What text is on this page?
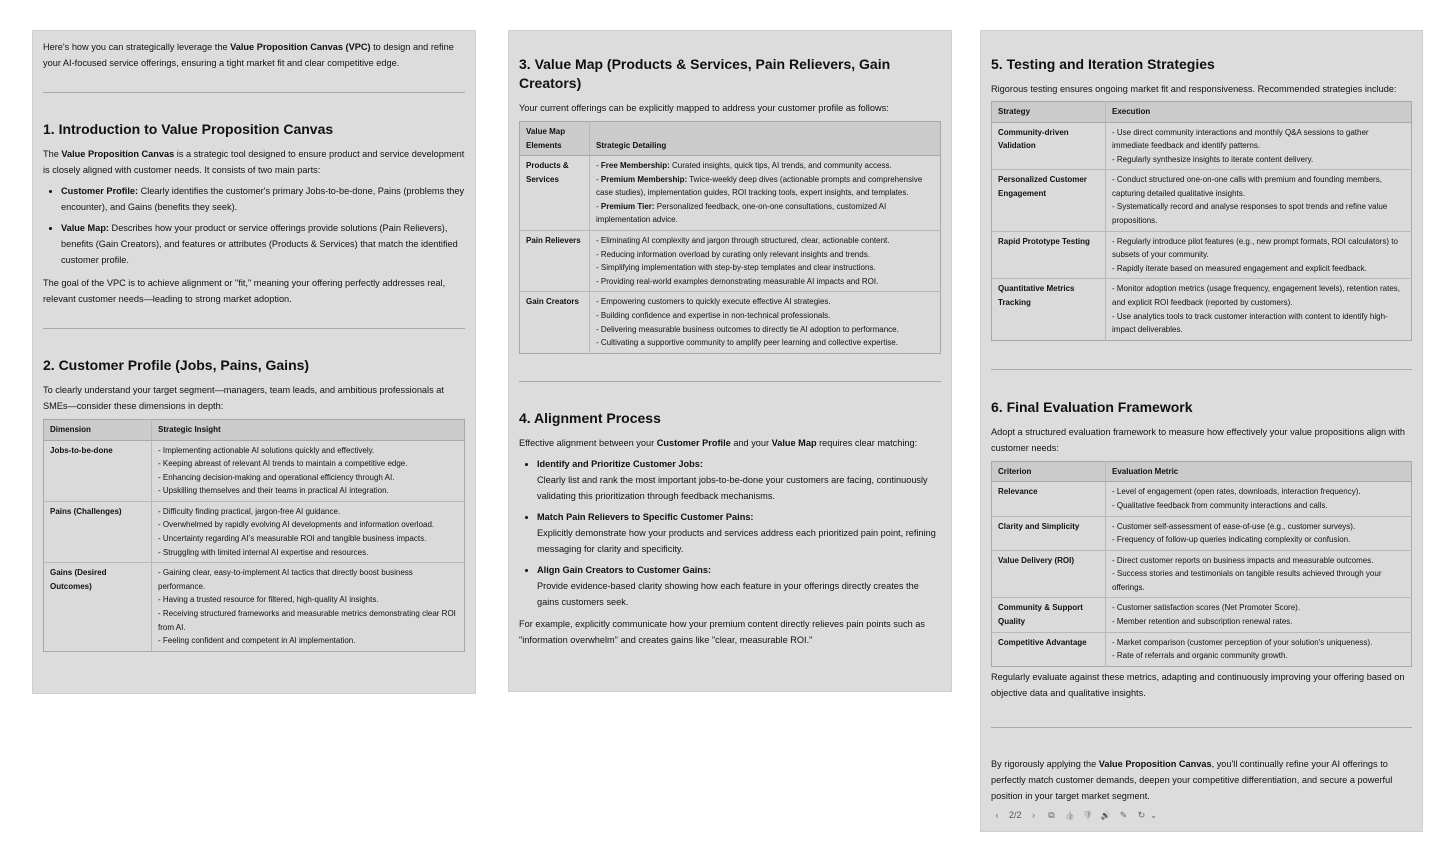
Here's how you can strategically leverage the Value Proposition Canvas (VPC) to design and refine your AI-focused service offerings, ensuring a tight market fit and clear competitive edge.

1. Introduction to Value Proposition Canvas

The Value Proposition Canvas is a strategic tool designed to ensure product and service development is closely aligned with customer needs. It consists of two main parts:

• Customer Profile: Clearly identifies the customer's primary Jobs-to-be-done, Pains (problems they encounter), and Gains (benefits they seek).
• Value Map: Describes how your product or service offerings provide solutions (Pain Relievers), benefits (Gain Creators), and features or attributes (Products & Services) that match the identified customer profile.

The goal of the VPC is to achieve alignment or "fit," meaning your offering perfectly addresses real, relevant customer needs—leading to strong market adoption.

2. Customer Profile (Jobs, Pains, Gains)

To clearly understand your target segment—managers, team leads, and ambitious professionals at SMEs—consider these dimensions in depth:

Dimension	Strategic Insight
Jobs-to-be-done	- Implementing actionable AI solutions quickly and effectively.
- Keeping abreast of relevant AI trends to maintain a competitive edge.
- Enhancing decision-making and operational efficiency through AI.
- Upskilling themselves and their teams in practical AI integration.

Pains (Challenges)	- Difficulty finding practical, jargon-free AI guidance.
- Overwhelmed by rapidly evolving AI developments and information overload.
- Uncertainty regarding AI's measurable ROI and tangible business impacts.
- Struggling with limited internal AI expertise and resources.

Gains (Desired Outcomes)	- Gaining clear, easy-to-implement AI tactics that directly boost business performance.
- Having a trusted resource for filtered, high-quality AI insights.
- Receiving structured frameworks and measurable metrics demonstrating clear ROI from AI.
- Feeling confident and competent in AI implementation.
3. Value Map (Products & Services, Pain Relievers, Gain Creators)

Your current offerings can be explicitly mapped to address your customer profile as follows:

Value Map Elements	Strategic Detailing
Products & Services	- Free Membership: Curated insights, quick tips, AI trends, and community access.
- Premium Membership: Twice-weekly deep dives (actionable prompts and comprehensive case studies), implementation guides, ROI tracking tools, expert insights, and templates.
- Premium Tier: Personalized feedback, one-on-one consultations, customized AI implementation advice.

Pain Relievers	- Eliminating AI complexity and jargon through structured, clear, actionable content.
- Reducing information overload by curating only relevant insights and trends.
- Simplifying implementation with step-by-step templates and clear instructions.
- Providing real-world examples demonstrating measurable AI impacts and ROI.

Gain Creators	- Empowering customers to quickly execute effective AI strategies.
- Building confidence and expertise in non-technical professionals.
- Delivering measurable business outcomes to directly tie AI adoption to performance.
- Cultivating a supportive community to amplify peer learning and collective expertise.
4. Alignment Process

Effective alignment between your Customer Profile and your Value Map requires clear matching:

• Identify and Prioritize Customer Jobs:
Clearly list and rank the most important jobs-to-be-done your customers are facing, continuously validating this prioritization through feedback mechanisms.
• Match Pain Relievers to Specific Customer Pains:
Explicitly demonstrate how your products and services address each prioritized pain point, refining messaging for clarity and specificity.
• Align Gain Creators to Customer Gains:
Provide evidence-based clarity showing how each feature in your offerings directly creates the gains customers seek.

For example, explicitly communicate how your premium content directly relieves pain points such as "information overwhelm" and creates gains like "clear, measurable ROI."

5. Testing and Iteration Strategies

Rigorous testing ensures ongoing market fit and responsiveness. Recommended strategies include:

Strategy	Execution
Community-driven Validation	- Use direct community interactions and monthly Q&A sessions to gather immediate feedback and identify patterns.
- Regularly synthesize insights to iterate content delivery.

Personalized Customer Engagement	- Conduct structured one-on-one calls with premium and founding members, capturing detailed qualitative insights.
- Systematically record and analyse responses to spot trends and refine value propositions.

Rapid Prototype Testing	- Regularly introduce pilot features (e.g., new prompt formats, ROI calculators) to subsets of your community.
- Rapidly iterate based on measured engagement and explicit feedback.

Quantitative Metrics Tracking	- Monitor adoption metrics (usage frequency, engagement levels), retention rates, and explicit ROI feedback (reported by customers).
- Use analytics tools to track customer interaction with content to identify high-impact deliverables.
6. Final Evaluation Framework

Adopt a structured evaluation framework to measure how effectively your value propositions align with customer needs:

Criterion	Evaluation Metric
Relevance	- Level of engagement (open rates, downloads, interaction frequency).
- Qualitative feedback from community interactions and calls.

Clarity and Simplicity	- Customer self-assessment of ease-of-use (e.g., customer surveys).
- Frequency of follow-up queries indicating complexity or confusion.

Value Delivery (ROI)	- Direct customer reports on business impacts and measurable outcomes.
- Success stories and testimonials on tangible results achieved through your offerings.

Community & Support Quality	- Customer satisfaction scores (Net Promoter Score).
- Member retention and subscription renewal rates.

Competitive Advantage	- Market comparison (customer perception of your solution's uniqueness).
- Rate of referrals and organic community growth.

Regularly evaluate against these metrics, adapting and continuously improving your offering based on objective data and qualitative insights.

By rigorously applying the Value Proposition Canvas, you'll continually refine your AI offerings to perfectly match customer demands, deepen your competitive differentiation, and secure a powerful position in your target market segment.

‹	2/2	›	⧉	👍 👎 🔊 ✎ ↻ ⌄
